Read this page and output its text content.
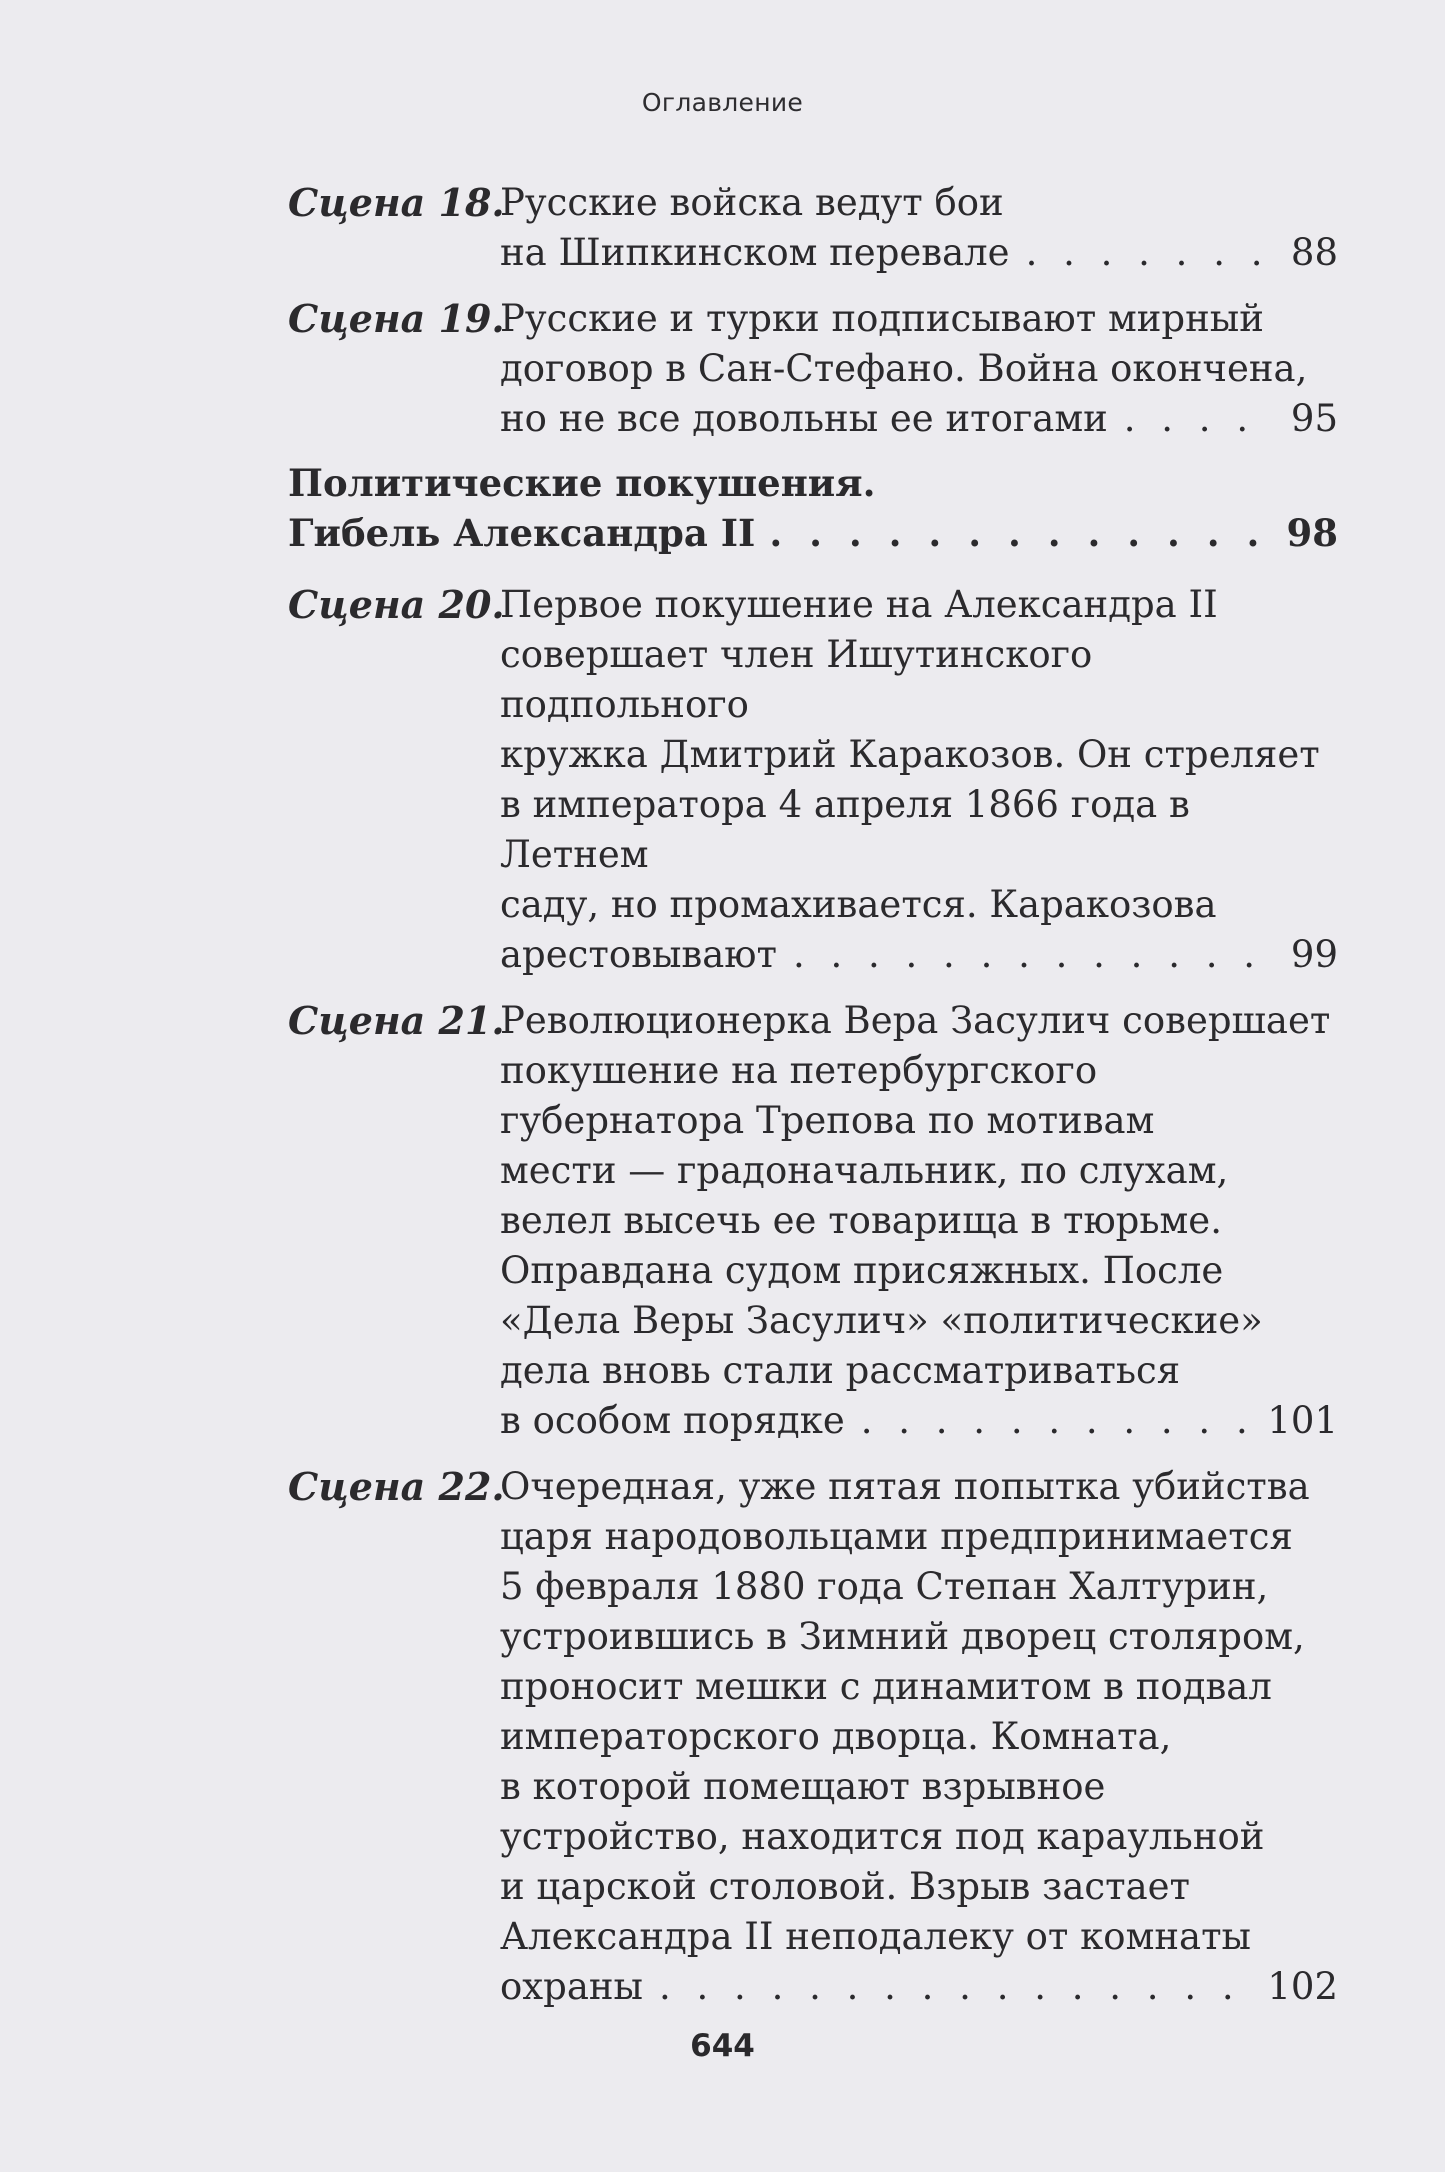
Оглавление
Сцена 18.
Русские войска ведут бои
на Шипкинском перевале . . .	88
Сцена 19.
Русские и турки подписывают мирный
договор в Сан-Стефано. Война окончена,
но не все довольны ее итогами . . .	95
Политические покушения.
Гибель Александра II . . .	98
Сцена 20.
Первое покушение на Александра II
совершает член Ишутинского подпольного
кружка Дмитрий Каракозов. Он стреляет
в императора 4 апреля 1866 года в Летнем
саду, но промахивается. Каракозова
арестовывают . . .	99
Сцена 21.
Революционерка Вера Засулич совершает
покушение на петербургского
губернатора Трепова по мотивам
мести — градоначальник, по слухам,
велел высечь ее товарища в тюрьме.
Оправдана судом присяжных. После
«Дела Веры Засулич» «политические»
дела вновь стали рассматриваться
в особом порядке . . .	101
Сцена 22.
Очередная, уже пятая попытка убийства
царя народовольцами предпринимается
5 февраля 1880 года Степан Халтурин,
устроившись в Зимний дворец столяром,
проносит мешки с динамитом в подвал
императорского дворца. Комната,
в которой помещают взрывное
устройство, находится под караульной
и царской столовой. Взрыв застает
Александра II неподалеку от комнаты
охраны . . .	102
644
